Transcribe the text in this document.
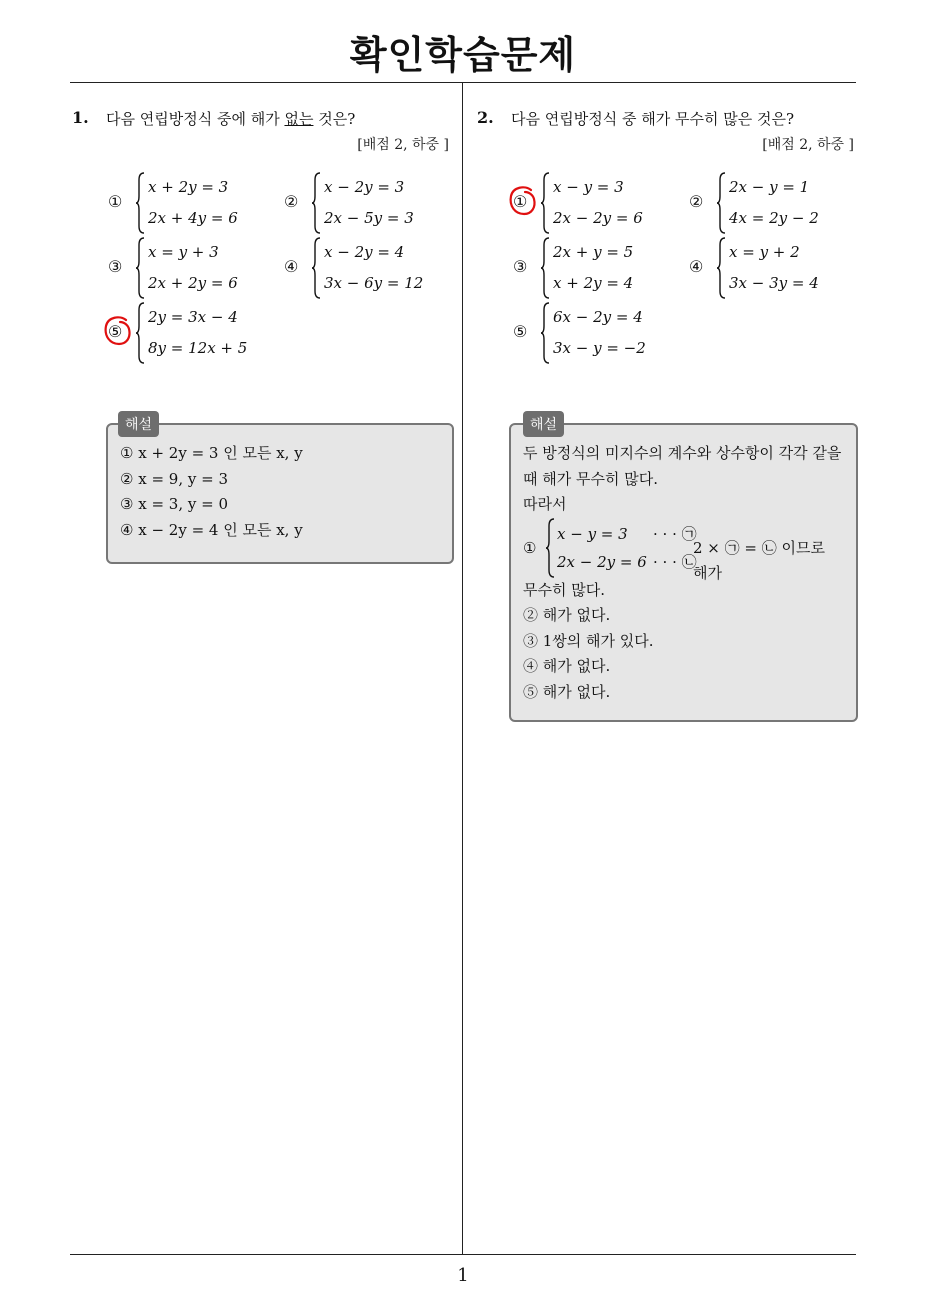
확인학습문제
1
1. 다음 연립방정식 중에 해가 없는 것은?
[배점 2, 하중 ]
①
x + 2y = 3
2x + 4y = 6
②
x − 2y = 3
2x − 5y = 3
③
x = y + 3
2x + 2y = 6
④
x − 2y = 4
3x − 6y = 12
⑤
2y = 3x − 4
8y = 12x + 5
해설
① x + 2y = 3 인 모든 x, y
② x = 9, y = 3
③ x = 3, y = 0
④ x − 2y = 4 인 모든 x, y
2. 다음 연립방정식 중 해가 무수히 많은 것은?
[배점 2, 하중 ]
①
x − y = 3
2x − 2y = 6
②
2x − y = 1
4x = 2y − 2
③
2x + y = 5
x + 2y = 4
④
x = y + 2
3x − 3y = 4
⑤
6x − 2y = 4
3x − y = −2
해설
두 방정식의 미지수의 계수와 상수항이 각각 같을
때 해가 무수히 많다.
따라서
①
x − y = 3
2x − 2y = 6
· · · ㉠
· · · ㉡
2 × ㉠ = ㉡ 이므로 해가
무수히 많다.
② 해가 없다.
③ 1쌍의 해가 있다.
④ 해가 없다.
⑤ 해가 없다.
